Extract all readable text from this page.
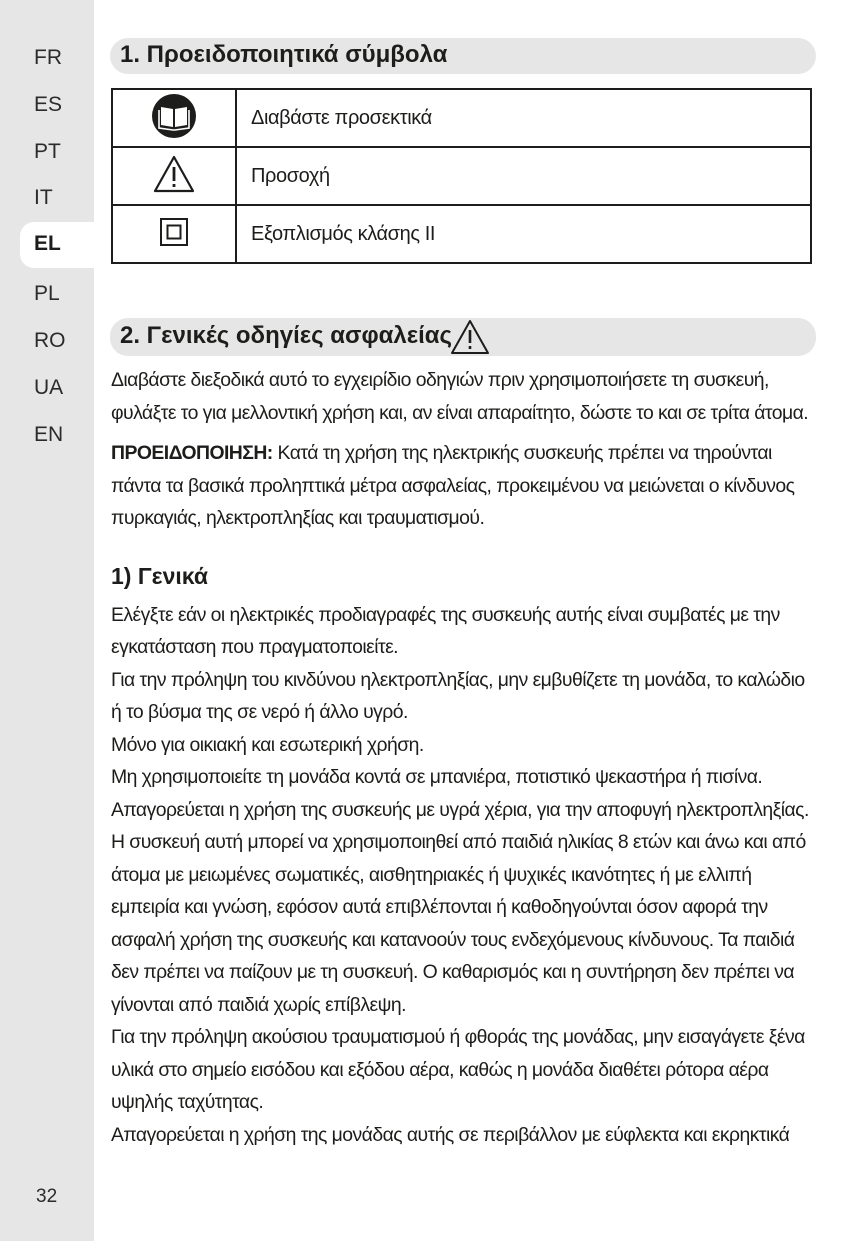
FR
ES
PT
IT
EL
PL
RO
UA
EN
32
1. Προειδοποιητικά σύμβολα
	Διαβάστε προσεκτικά
	Προσοχή
	Εξοπλισμός κλάσης II
2. Γενικές οδηγίες ασφαλείας

Διαβάστε διεξοδικά αυτό το εγχειρίδιο οδηγιών πριν χρησιμοποιήσετε τη συσκευή, φυλάξτε το για μελλοντική χρήση και, αν είναι απαραίτητο, δώστε το και σε τρίτα άτομα.

ΠΡΟΕΙΔΟΠΟΙΗΣΗ: Κατά τη χρήση της ηλεκτρικής συσκευής πρέπει να τηρούνται πάντα τα βασικά προληπτικά μέτρα ασφαλείας, προκειμένου να μειώνεται ο κίνδυνος πυρκαγιάς, ηλεκτροπληξίας και τραυματισμού.

1) Γενικά

Ελέγξτε εάν οι ηλεκτρικές προδιαγραφές της συσκευής αυτής είναι συμβατές με την εγκατάσταση που πραγματοποιείτε.

Για την πρόληψη του κινδύνου ηλεκτροπληξίας, μην εμβυθίζετε τη μονάδα, το καλώδιο ή το βύσμα της σε νερό ή άλλο υγρό.

Μόνο για οικιακή και εσωτερική χρήση.

Μη χρησιμοποιείτε τη μονάδα κοντά σε μπανιέρα, ποτιστικό ψεκαστήρα ή πισίνα.

Απαγορεύεται η χρήση της συσκευής με υγρά χέρια, για την αποφυγή ηλεκτροπληξίας.

Η συσκευή αυτή μπορεί να χρησιμοποιηθεί από παιδιά ηλικίας 8 ετών και άνω και από άτομα με μειωμένες σωματικές, αισθητηριακές ή ψυχικές ικανότητες ή με ελλιπή εμπειρία και γνώση, εφόσον αυτά επιβλέπονται ή καθοδηγούνται όσον αφορά την ασφαλή χρήση της συσκευής και κατανοούν τους ενδεχόμενους κίνδυνους. Τα παιδιά δεν πρέπει να παίζουν με τη συσκευή. Ο καθαρισμός και η συντήρηση δεν πρέπει να γίνονται από παιδιά χωρίς επίβλεψη.

Για την πρόληψη ακούσιου τραυματισμού ή φθοράς της μονάδας, μην εισαγάγετε ξένα υλικά στο σημείο εισόδου και εξόδου αέρα, καθώς η μονάδα διαθέτει ρότορα αέρα υψηλής ταχύτητας.

Απαγορεύεται η χρήση της μονάδας αυτής σε περιβάλλον με εύφλεκτα και εκρηκτικά
